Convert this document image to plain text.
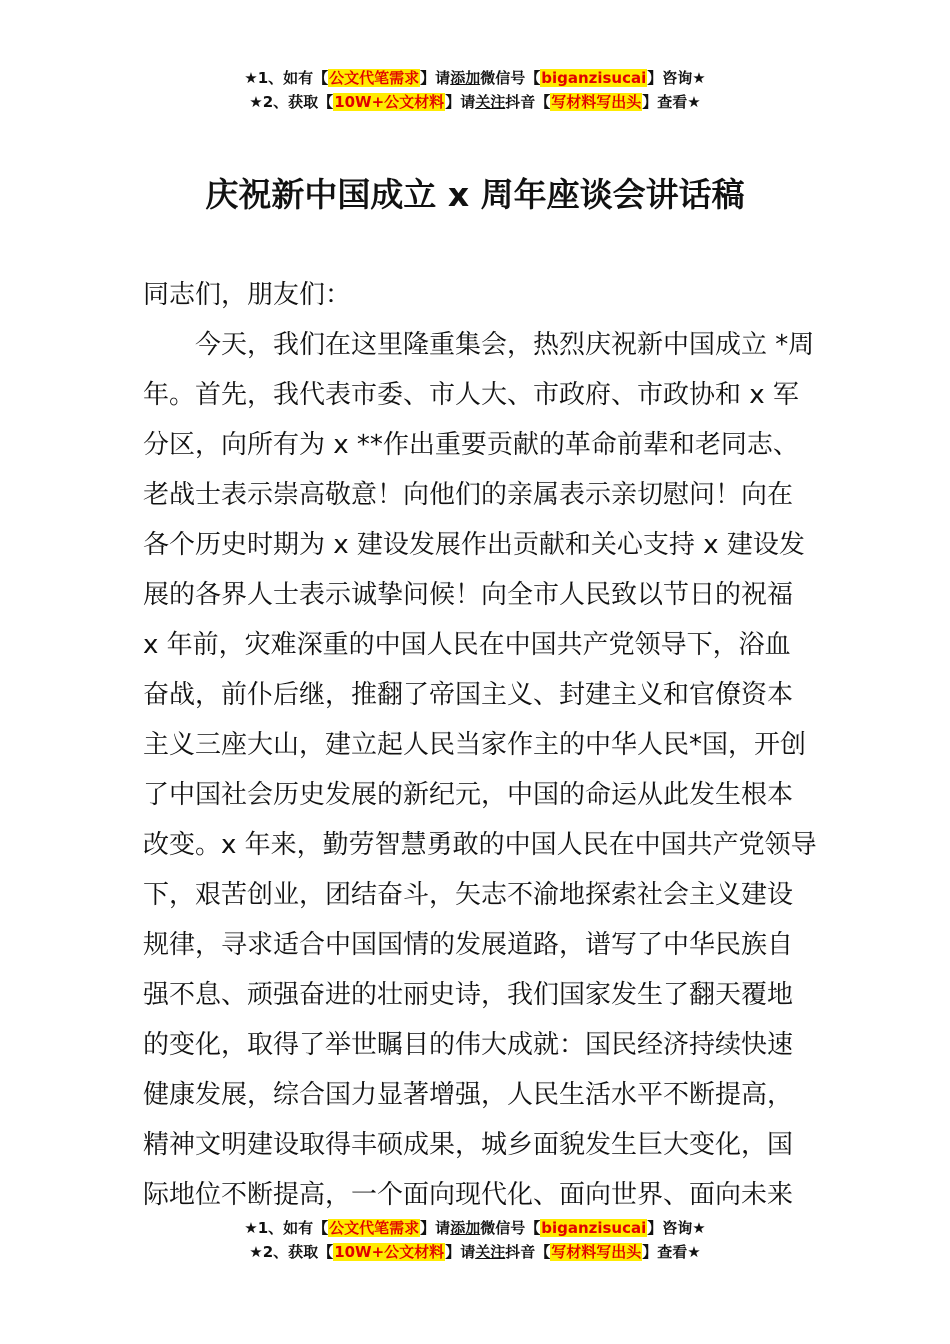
★1、如有【公文代笔需求】请添加微信号【biganzisucai】咨询★
★2、获取【10W+公文材料】请关注抖音【写材料写出头】查看★
庆祝新中国成立 x 周年座谈会讲话稿
同志们，朋友们：
　　今天，我们在这里隆重集会，热烈庆祝新中国成立 *周
年。首先，我代表市委、市人大、市政府、市政协和 x 军
分区，向所有为 x **作出重要贡献的革命前辈和老同志、
老战士表示崇高敬意！向他们的亲属表示亲切慰问！向在
各个历史时期为 x 建设发展作出贡献和关心支持 x 建设发
展的各界人士表示诚挚问候！向全市人民致以节日的祝福
x 年前，灾难深重的中国人民在中国共产党领导下，浴血
奋战，前仆后继，推翻了帝国主义、封建主义和官僚资本
主义三座大山，建立起人民当家作主的中华人民*国，开创
了中国社会历史发展的新纪元，中国的命运从此发生根本
改变。x 年来，勤劳智慧勇敢的中国人民在中国共产党领导
下，艰苦创业，团结奋斗，矢志不渝地探索社会主义建设
规律，寻求适合中国国情的发展道路，谱写了中华民族自
强不息、顽强奋进的壮丽史诗，我们国家发生了翻天覆地
的变化，取得了举世瞩目的伟大成就：国民经济持续快速
健康发展，综合国力显著增强，人民生活水平不断提高，
精神文明建设取得丰硕成果，城乡面貌发生巨大变化，国
际地位不断提高，一个面向现代化、面向世界、面向未来
★1、如有【公文代笔需求】请添加微信号【biganzisucai】咨询★
★2、获取【10W+公文材料】请关注抖音【写材料写出头】查看★
